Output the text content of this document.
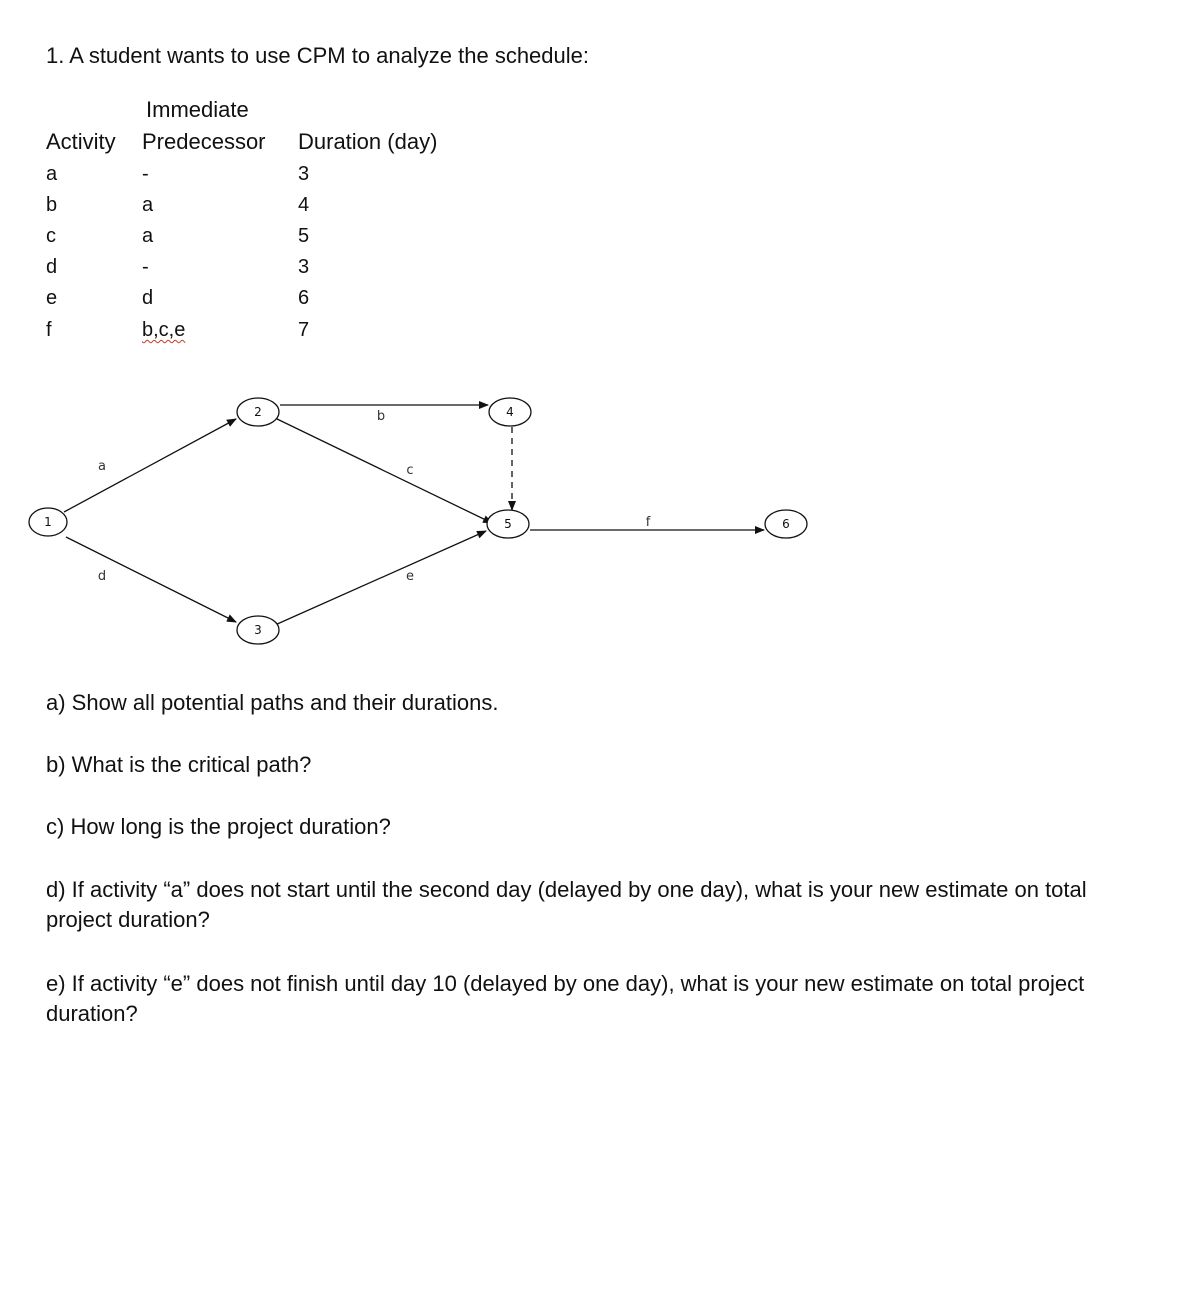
1. A student wants to use CPM to analyze the schedule:
Immediate
Activity Predecessor Duration (day)
a	-	3
b	a	4
c	a	5
d	-	3
e	d	6
f	b,c,e	7
1
2
3
4
5	6
a
b
c
d	e
f
a) Show all potential paths and their durations.
b) What is the critical path?
c) How long is the project duration?
d) If activity “a” does not start until the second day (delayed by one day), what is your new estimate on total project duration?
e) If activity “e” does not finish until day 10 (delayed by one day), what is your new estimate on total project duration?
